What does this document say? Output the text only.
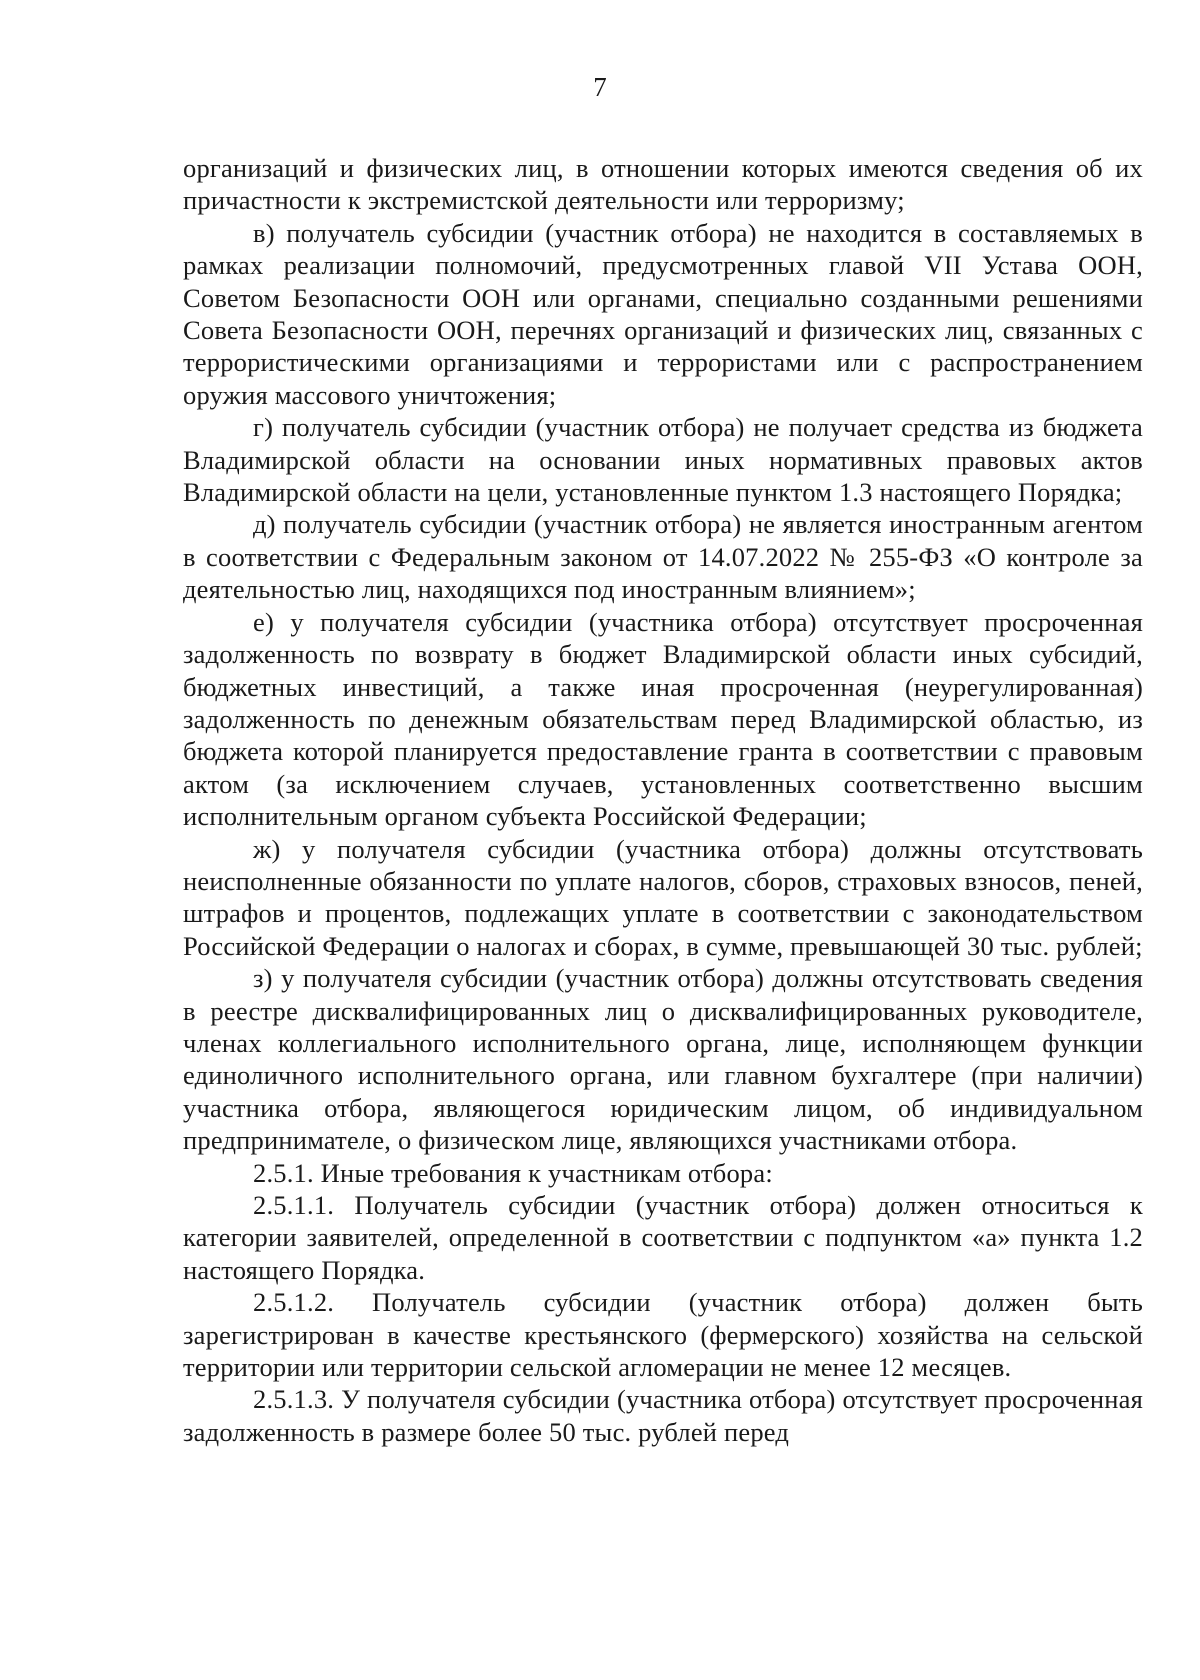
7

организаций и физических лиц, в отношении которых имеются сведения об их причастности к экстремистской деятельности или терроризму;

в) получатель субсидии (участник отбора) не находится в составляемых в рамках реализации полномочий, предусмотренных главой VII Устава ООН, Советом Безопасности ООН или органами, специально созданными решениями Совета Безопасности ООН, перечнях организаций и физических лиц, связанных с террористическими организациями и террористами или с распространением оружия массового уничтожения;

г) получатель субсидии (участник отбора) не получает средства из бюджета Владимирской области на основании иных нормативных правовых актов Владимирской области на цели, установленные пунктом 1.3 настоящего Порядка;

д) получатель субсидии (участник отбора) не является иностранным агентом в соответствии с Федеральным законом от 14.07.2022 № 255-ФЗ «О контроле за деятельностью лиц, находящихся под иностранным влиянием»;

е) у получателя субсидии (участника отбора) отсутствует просроченная задолженность по возврату в бюджет Владимирской области иных субсидий, бюджетных инвестиций, а также иная просроченная (неурегулированная) задолженность по денежным обязательствам перед Владимирской областью, из бюджета которой планируется предоставление гранта в соответствии с правовым актом (за исключением случаев, установленных соответственно высшим исполнительным органом субъекта Российской Федерации;

ж) у получателя субсидии (участника отбора) должны отсутствовать неисполненные обязанности по уплате налогов, сборов, страховых взносов, пеней, штрафов и процентов, подлежащих уплате в соответствии с законодательством Российской Федерации о налогах и сборах, в сумме, превышающей 30 тыс. рублей;

з) у получателя субсидии (участник отбора) должны отсутствовать сведения в реестре дисквалифицированных лиц о дисквалифицированных руководителе, членах коллегиального исполнительного органа, лице, исполняющем функции единоличного исполнительного органа, или главном бухгалтере (при наличии) участника отбора, являющегося юридическим лицом, об индивидуальном предпринимателе, о физическом лице, являющихся участниками отбора.

2.5.1. Иные требования к участникам отбора:

2.5.1.1. Получатель субсидии (участник отбора) должен относиться к категории заявителей, определенной в соответствии с подпунктом «а» пункта 1.2 настоящего Порядка.

2.5.1.2. Получатель субсидии (участник отбора) должен быть зарегистрирован в качестве крестьянского (фермерского) хозяйства на сельской территории или территории сельской агломерации не менее 12 месяцев.

2.5.1.3. У получателя субсидии (участника отбора) отсутствует просроченная задолженность в размере более 50 тыс. рублей перед
